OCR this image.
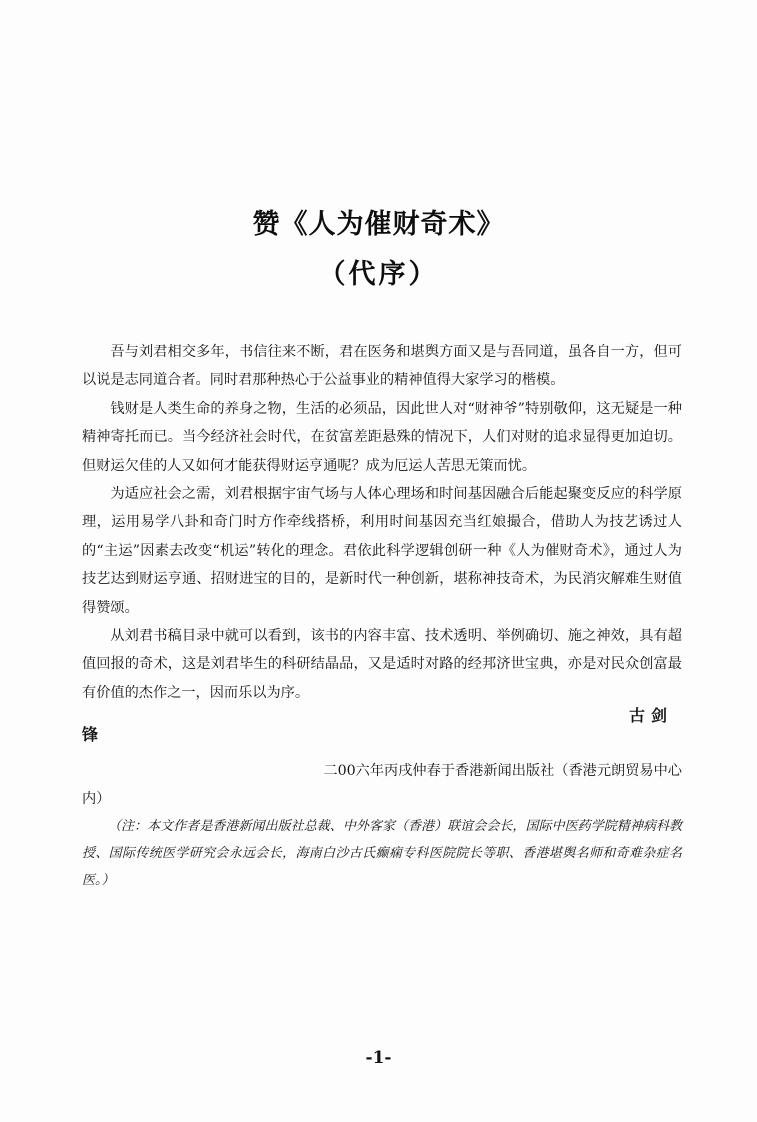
赞《人为催财奇术》
（代序）

吾与刘君相交多年，书信往来不断，君在医务和堪舆方面又是与吾同道，虽各自一方，但可以说是志同道合者。同时君那种热心于公益事业的精神值得大家学习的楷模。

钱财是人类生命的养身之物，生活的必须品，因此世人对“财神爷”特别敬仰，这无疑是一种精神寄托而已。当今经济社会时代，在贫富差距悬殊的情况下，人们对财的追求显得更加迫切。但财运欠佳的人又如何才能获得财运亨通呢？成为厄运人苦思无策而忧。

为适应社会之需，刘君根据宇宙气场与人体心理场和时间基因融合后能起聚变反应的科学原理，运用易学八卦和奇门时方作牵线搭桥，利用时间基因充当红娘撮合，借助人为技艺诱过人的“主运”因素去改变“机运”转化的理念。君依此科学逻辑创研一种《人为催财奇术》，通过人为技艺达到财运亨通、招财进宝的目的，是新时代一种创新，堪称神技奇术，为民消灾解难生财值得赞颂。

从刘君书稿目录中就可以看到，该书的内容丰富、技术透明、举例确切、施之神效，具有超值回报的奇术，这是刘君毕生的科研结晶品，又是适时对路的经邦济世宝典，亦是对民众创富最有价值的杰作之一，因而乐以为序。

古剑
锋
二00六年丙戌仲春于香港新闻出版社（香港元朗贸易中心
内）

（注：本文作者是香港新闻出版社总裁、中外客家（香港）联谊会会长，国际中医药学院精神病科教授、国际传统医学研究会永远会长，海南白沙古氏癫痫专科医院院长等职、香港堪舆名师和奇难杂症名医。）

-1-
